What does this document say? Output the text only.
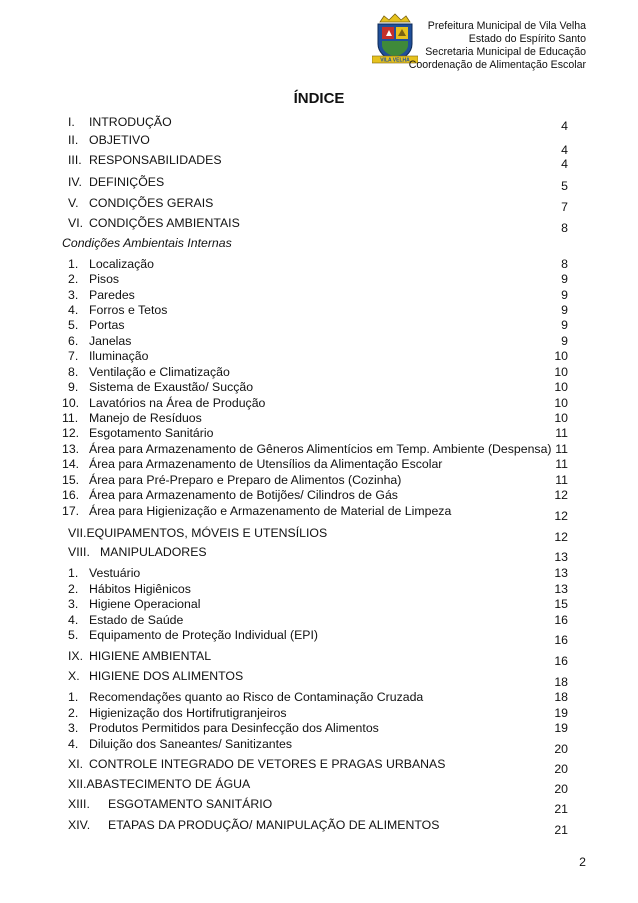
VILA VELHA
Prefeitura Municipal de Vila Velha
Estado do Espírito Santo
Secretaria Municipal de Educação
Coordenação de Alimentação Escolar
ÍNDICE
I. INTRODUÇÃO
II. OBJETIVO
III. RESPONSABILIDADES
IV. DEFINIÇÕES
V. CONDIÇÕES GERAIS
VI. CONDIÇÕES AMBIENTAIS
Condições Ambientais Internas
1. Localização
2. Pisos
3. Paredes
4. Forros e Tetos
5. Portas
6. Janelas
7. Iluminação
8. Ventilação e Climatização
9. Sistema de Exaustão/ Sucção
10. Lavatórios na Área de Produção
11. Manejo de Resíduos
12. Esgotamento Sanitário
13. Área para Armazenamento de Gêneros Alimentícios em Temp. Ambiente (Despensa)
14. Área para Armazenamento de Utensílios da Alimentação Escolar
15. Área para Pré-Preparo e Preparo de Alimentos (Cozinha)
16. Área para Armazenamento de Botijões/ Cilindros de Gás
17. Área para Higienização e Armazenamento de Material de Limpeza
VII.EQUIPAMENTOS, MÓVEIS E UTENSÍLIOS
VIII. MANIPULADORES
1. Vestuário
2. Hábitos Higiênicos
3. Higiene Operacional
4. Estado de Saúde
5. Equipamento de Proteção Individual (EPI)
IX. HIGIENE AMBIENTAL
X. HIGIENE DOS ALIMENTOS
1. Recomendações quanto ao Risco de Contaminação Cruzada
2. Higienização dos Hortifrutigranjeiros
3. Produtos Permitidos para Desinfecção dos Alimentos
4. Diluição dos Saneantes/ Sanitizantes
XI. CONTROLE INTEGRADO DE VETORES E PRAGAS URBANAS
XII.ABASTECIMENTO DE ÁGUA
XIII. ESGOTAMENTO SANITÁRIO
XIV. ETAPAS DA PRODUÇÃO/ MANIPULAÇÃO DE ALIMENTOS
4
4
4
5
7
8
8
9
9
9
9
9
10
10
10
10
10
11
11
11
11
12
12
12
13
13
13
15
16
16
16
18
18
19
19
20
20
20
21
21
2
